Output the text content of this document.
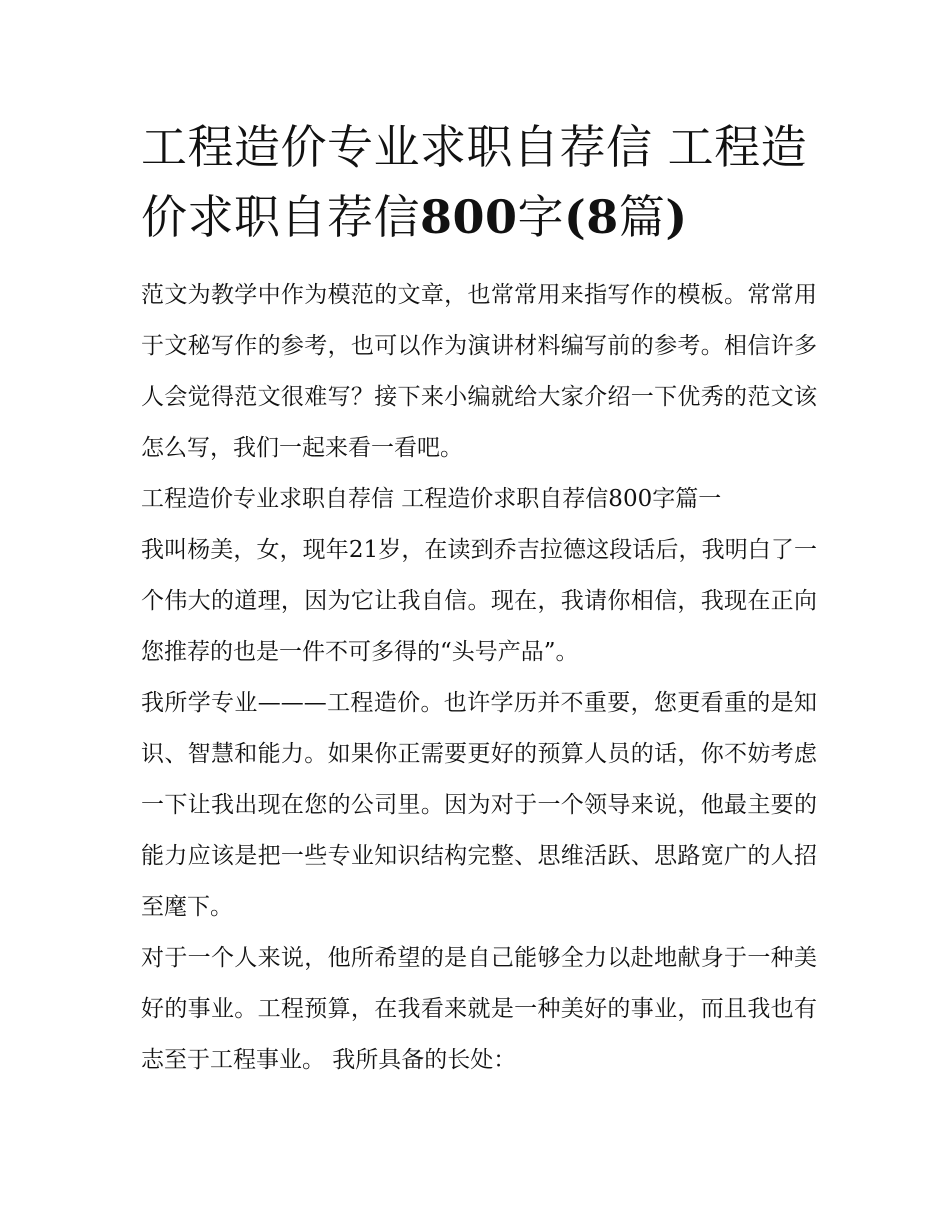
工程造价专业求职自荐信 工程造价求职自荐信800字(8篇)

范文为教学中作为模范的文章，也常常用来指写作的模板。常常用于文秘写作的参考，也可以作为演讲材料编写前的参考。相信许多人会觉得范文很难写？接下来小编就给大家介绍一下优秀的范文该怎么写，我们一起来看一看吧。

工程造价专业求职自荐信 工程造价求职自荐信800字篇一

我叫杨美，女，现年21岁，在读到乔吉拉德这段话后，我明白了一个伟大的道理，因为它让我自信。现在，我请你相信，我现在正向您推荐的也是一件不可多得的“头号产品”。

我所学专业———工程造价。也许学历并不重要，您更看重的是知识、智慧和能力。如果你正需要更好的预算人员的话，你不妨考虑一下让我出现在您的公司里。因为对于一个领导来说，他最主要的能力应该是把一些专业知识结构完整、思维活跃、思路宽广的人招至麾下。

对于一个人来说，他所希望的是自己能够全力以赴地献身于一种美好的事业。工程预算，在我看来就是一种美好的事业，而且我也有志至于工程事业。 我所具备的长处：
